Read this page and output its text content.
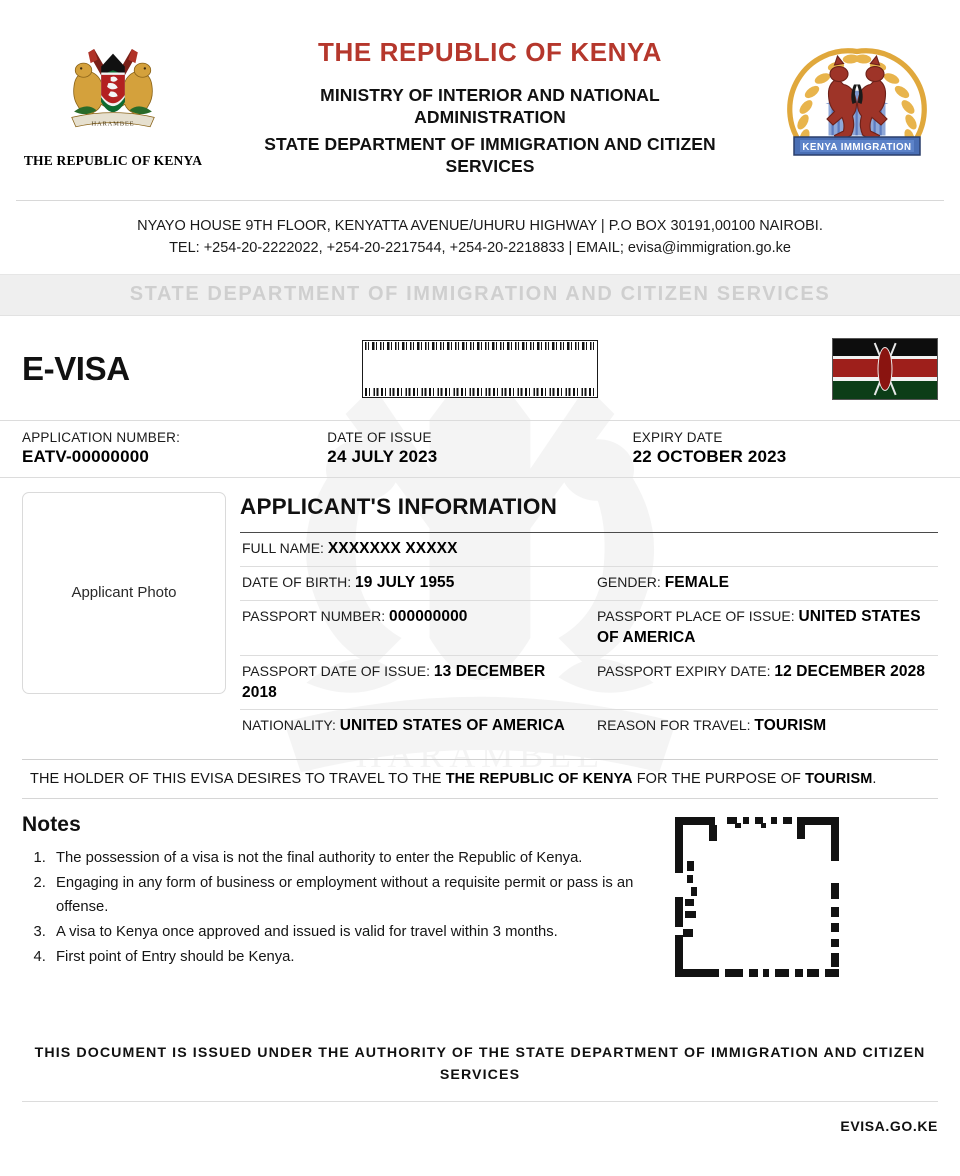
HARAMBEE
HARAMBEE
THE REPUBLIC OF KENYA
THE REPUBLIC OF KENYA
MINISTRY OF INTERIOR AND NATIONAL
ADMINISTRATION
STATE DEPARTMENT OF IMMIGRATION AND CITIZEN
SERVICES
KENYA IMMIGRATION
NYAYO HOUSE 9TH FLOOR, KENYATTA AVENUE/UHURU HIGHWAY | P.O BOX 30191,00100 NAIROBI.
TEL: +254-20-2222022, +254-20-2217544, +254-20-2218833 | EMAIL; evisa@immigration.go.ke
STATE DEPARTMENT OF IMMIGRATION AND CITIZEN SERVICES
E-VISA
APPLICATION NUMBER:
EATV-00000000
DATE OF ISSUE
24 JULY 2023
EXPIRY DATE
22 OCTOBER 2023
Applicant Photo
APPLICANT'S INFORMATION
FULL NAME: XXXXXXX XXXXX	
DATE OF BIRTH: 19 JULY 1955	GENDER: FEMALE
PASSPORT NUMBER: 000000000	PASSPORT PLACE OF ISSUE: UNITED STATES OF AMERICA
PASSPORT DATE OF ISSUE: 13 DECEMBER 2018	PASSPORT EXPIRY DATE: 12 DECEMBER 2028
NATIONALITY: UNITED STATES OF AMERICA	REASON FOR TRAVEL: TOURISM
THE HOLDER OF THIS EVISA DESIRES TO TRAVEL TO THE THE REPUBLIC OF KENYA FOR THE PURPOSE OF TOURISM.
Notes
1. The possession of a visa is not the final authority to enter the Republic of Kenya.
2. Engaging in any form of business or employment without a requisite permit or pass is an offense.
3. A visa to Kenya once approved and issued is valid for travel within 3 months.
4. First point of Entry should be Kenya.
THIS DOCUMENT IS ISSUED UNDER THE AUTHORITY OF THE STATE DEPARTMENT OF IMMIGRATION AND CITIZEN
SERVICES
EVISA.GO.KE
